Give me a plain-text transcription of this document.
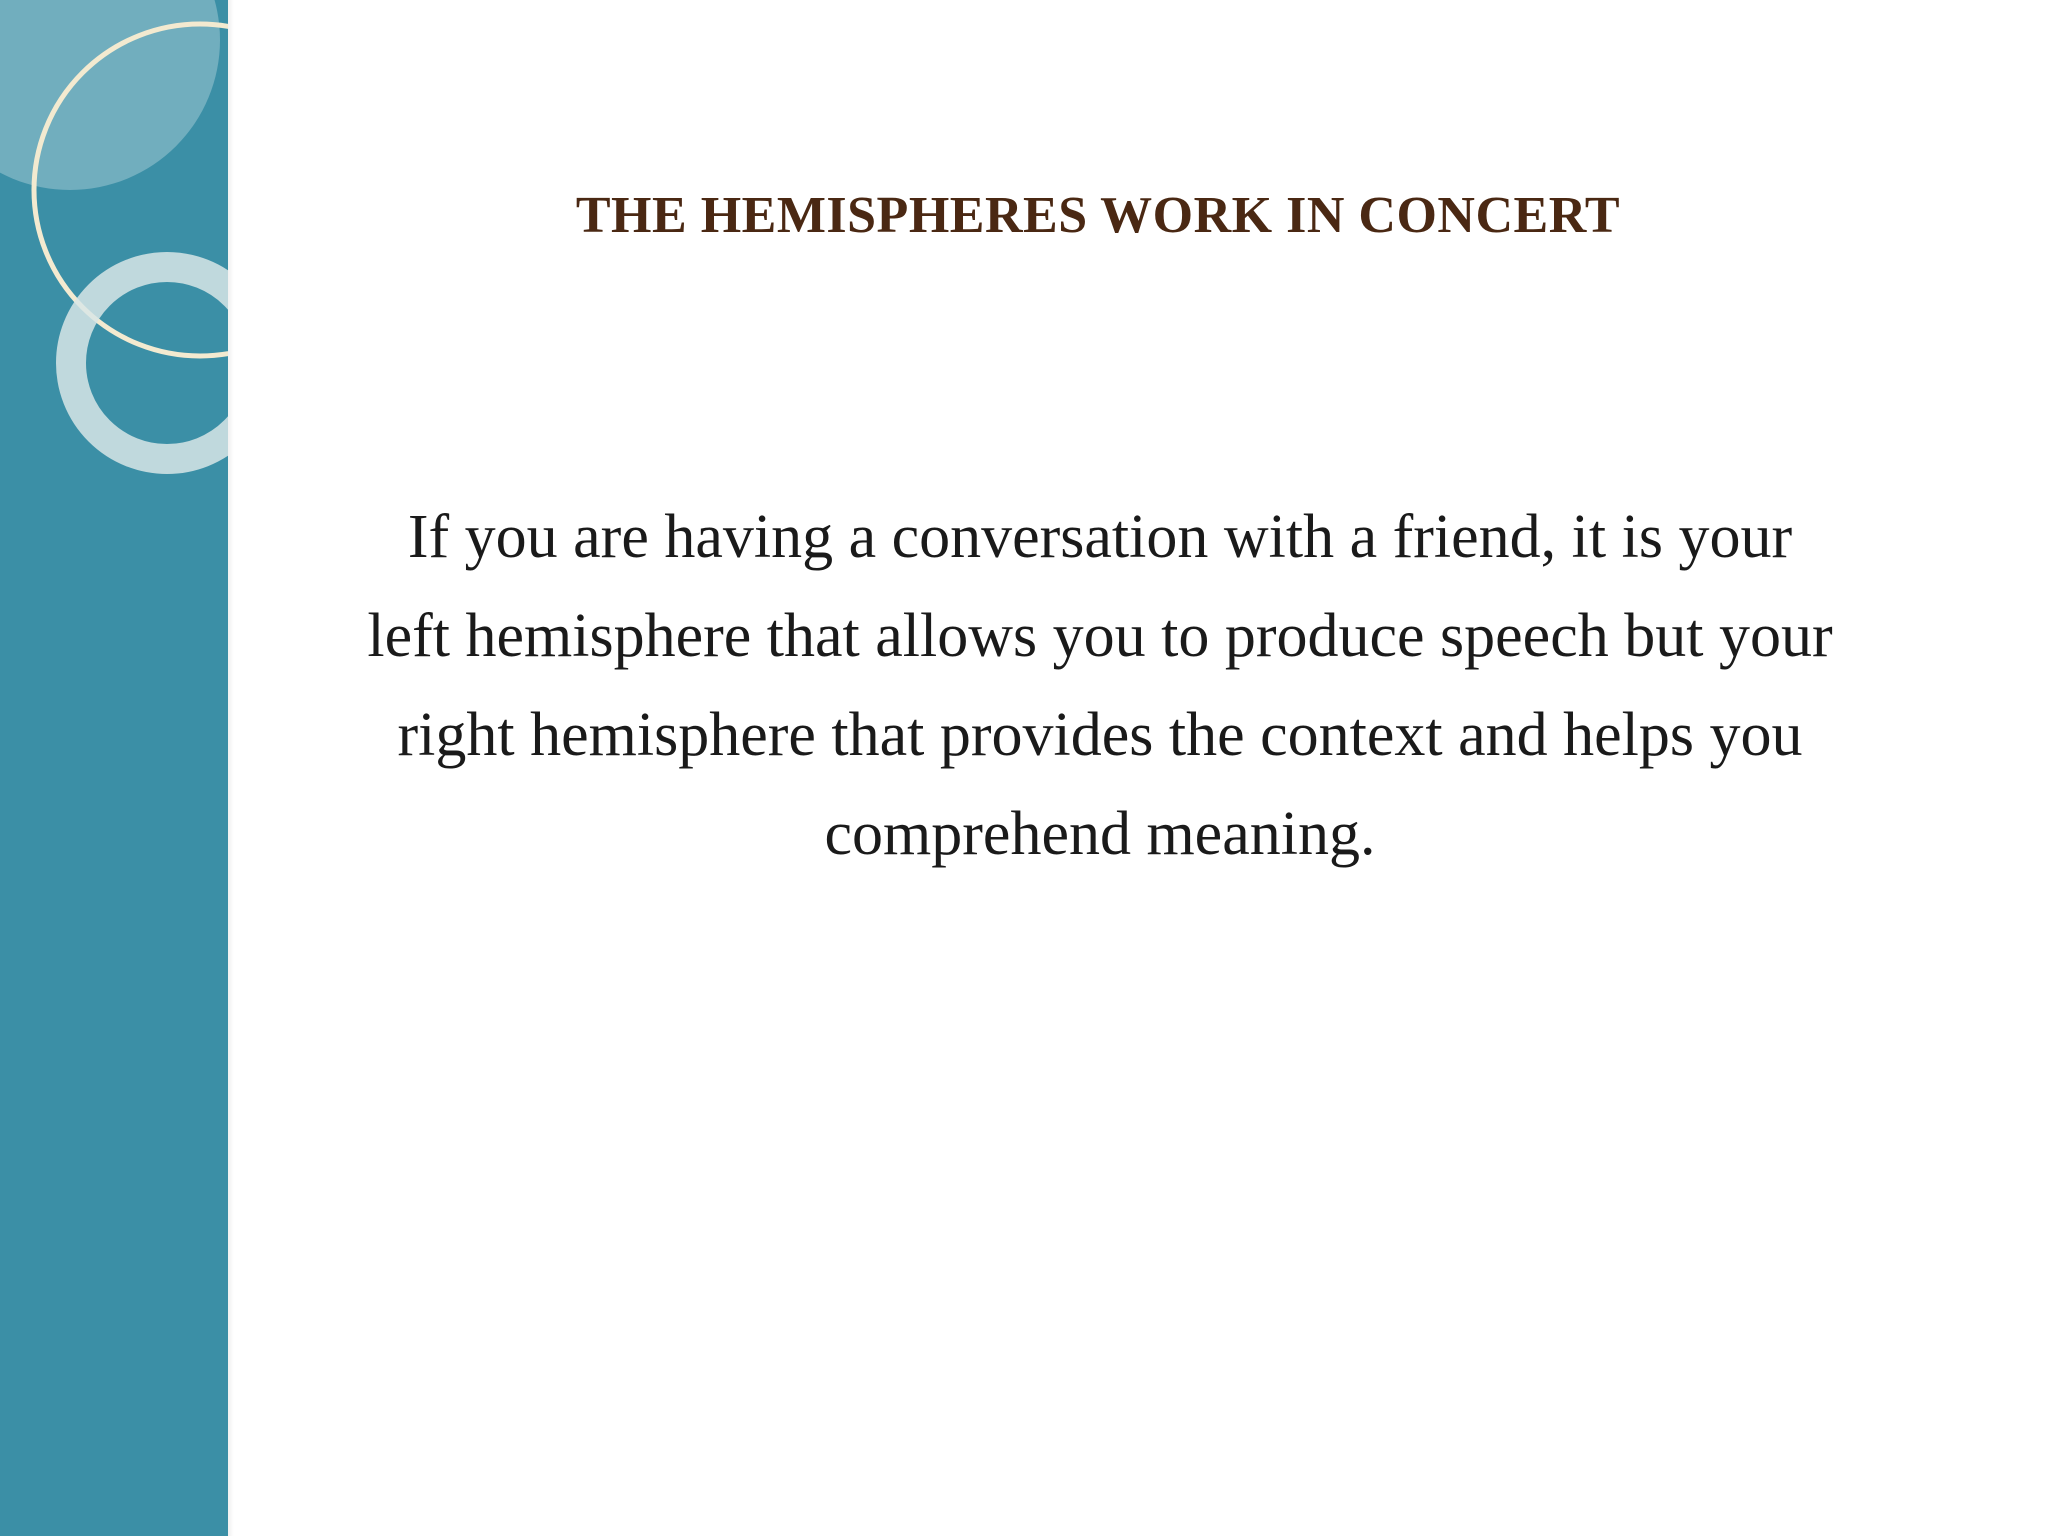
THE HEMISPHERES WORK IN CONCERT

If you are having a conversation with a friend, it is your
left hemisphere that allows you to produce speech but your
right hemisphere that provides the context and helps you
comprehend meaning.
